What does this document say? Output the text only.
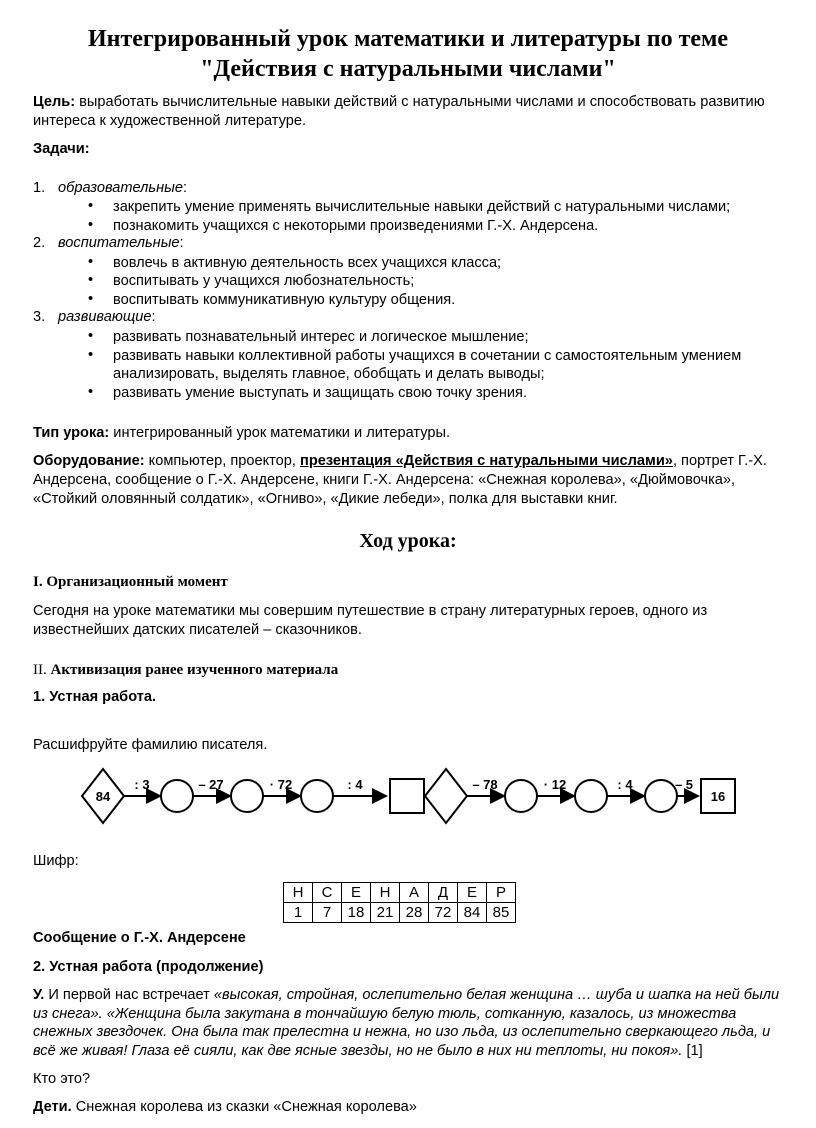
Интегрированный урок математики и литературы по теме
"Действия с натуральными числами"
Цель: выработать вычислительные навыки действий с натуральными числами и способствовать развитию
интереса к художественной литературе.
Задачи:
1. образовательные:
• закрепить умение применять вычислительные навыки действий с натуральными числами;
• познакомить учащихся с некоторыми произведениями Г.-Х. Андерсена.
2. воспитательные:
• вовлечь в активную деятельность всех учащихся класса;
• воспитывать у учащихся любознательность;
• воспитывать коммуникативную культуру общения.
3. развивающие:
• развивать познавательный интерес и логическое мышление;
• развивать навыки коллективной работы учащихся в сочетании с самостоятельным умением
анализировать, выделять главное, обобщать и делать выводы;
• развивать умение выступать и защищать свою точку зрения.
Тип урока: интегрированный урок математики и литературы.
Оборудование: компьютер, проектор, презентация «Действия с натуральными числами», портрет Г.-Х.
Андерсена, сообщение о Г.-Х. Андерсене, книги Г.-Х. Андерсена: «Снежная королева», «Дюймовочка»,
«Стойкий оловянный солдатик», «Огниво», «Дикие лебеди», полка для выставки книг.
Ход урока:
I. Организационный момент
Сегодня на уроке математики мы совершим путешествие в страну литературных героев, одного из
известнейших датских писателей – сказочников.
II. Активизация ранее изученного материала
1. Устная работа.
Расшифруйте фамилию писателя.
84
: 3	– 27	· 72	: 4	– 78	· 12	: 4	– 5
16
Шифр:
Н	С	Е	Н	А	Д	Е	Р
1	7	18	21	28	72	84	85
Сообщение о Г.-Х. Андерсене
2. Устная работа (продолжение)
У. И первой нас встречает «высокая, стройная, ослепительно белая женщина … шуба и шапка на ней были
из снега». «Женщина была закутана в тончайшую белую тюль, сотканную, казалось, из множества
снежных звездочек. Она была так прелестна и нежна, но изо льда, из ослепительно сверкающего льда, и
всё же живая! Глаза её сияли, как две ясные звезды, но не было в них ни теплоты, ни покоя». [1]
Кто это?
Дети. Снежная королева из сказки «Снежная королева»
